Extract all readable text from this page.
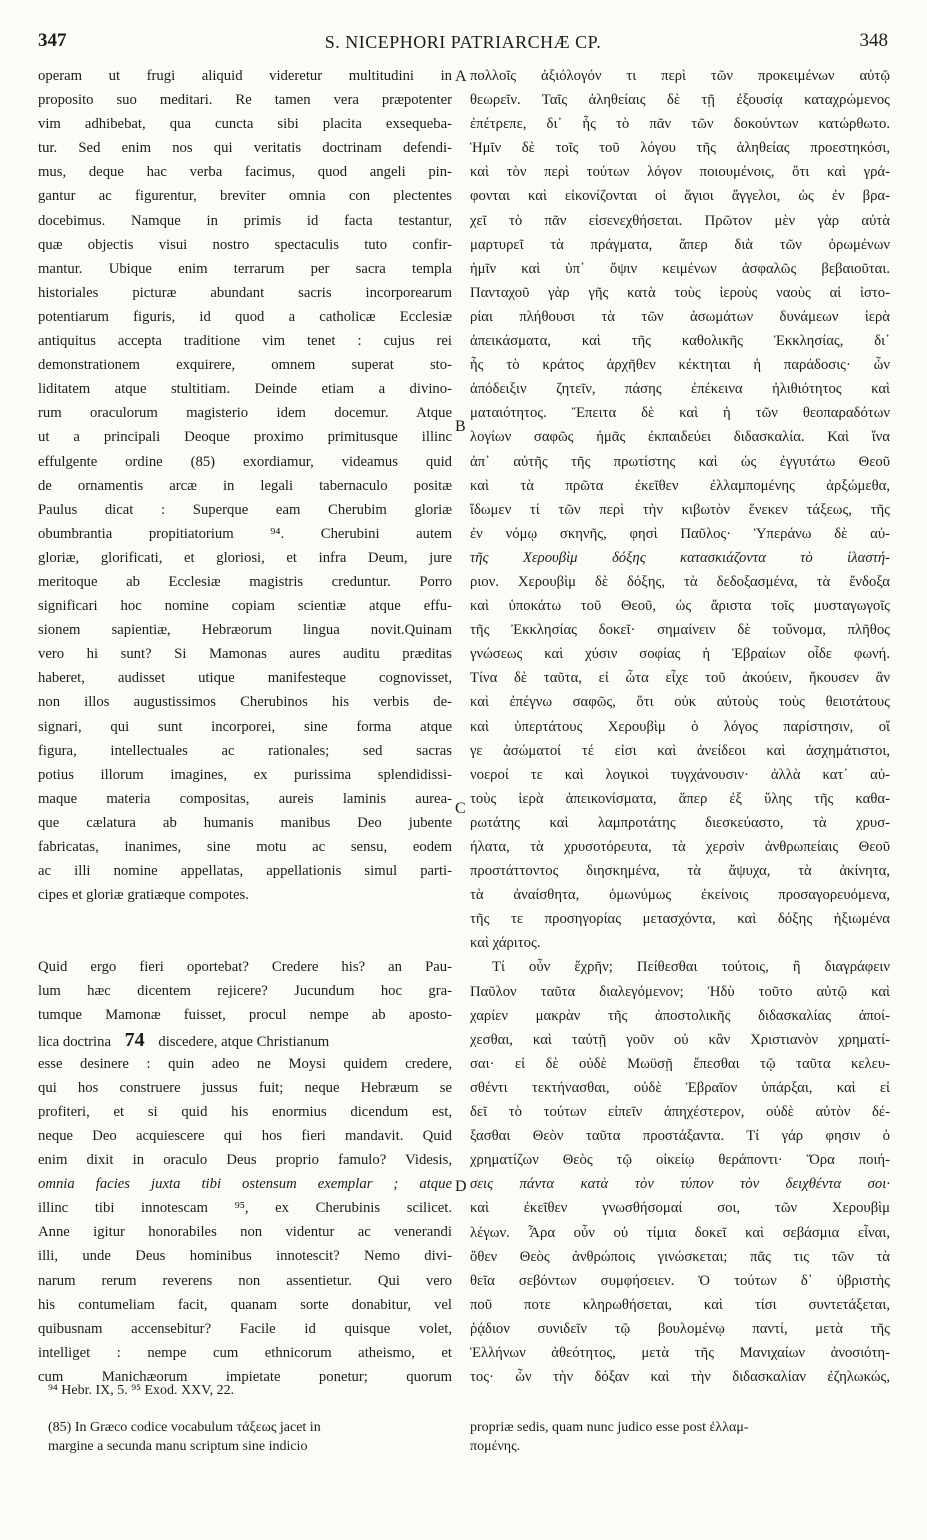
347	S. NICEPHORI PATRIARCHÆ CP.	348
A
B
C
D
operam ut frugi aliquid videretur multitudini in
proposito suo meditari. Re tamen vera præpotenter
vim adhibebat, qua cuncta sibi placita exsequeba-
tur. Sed enim nos qui veritatis doctrinam defendi-
mus, deque hac verba facimus, quod angeli pin-
gantur ac figurentur, breviter omnia con plectentes
docebimus. Namque in primis id facta testantur,
quæ objectis visui nostro spectaculis tuto confir-
mantur. Ubique enim terrarum per sacra templa
historiales picturæ abundant sacris incorporearum
potentiarum figuris, id quod a catholicæ Ecclesiæ
antiquitus accepta traditione vim tenet : cujus rei
demonstrationem exquirere, omnem superat sto-
liditatem atque stultitiam. Deinde etiam a divino-
rum oraculorum magisterio idem docemur. Atque
ut a principali Deoque proximo primitusque illinc
effulgente ordine (85) exordiamur, videamus quid
de ornamentis arcæ in legali tabernaculo positæ
Paulus dicat : Superque eam Cherubim gloriæ
obumbrantia propitiatorium ⁹⁴. Cherubini autem
gloriæ, glorificati, et gloriosi, et infra Deum, jure
meritoque ab Ecclesiæ magistris creduntur. Porro
significari hoc nomine copiam scientiæ atque effu-
sionem sapientiæ, Hebræorum lingua novit.Quinam
vero hi sunt? Si Mamonas aures auditu præditas
haberet, audisset utique manifesteque cognovisset,
non illos augustissimos Cherubinos his verbis de-
signari, qui sunt incorporei, sine forma atque
figura, intellectuales ac rationales; sed sacras
potius illorum imagines, ex purissima splendidissi-
maque materia compositas, aureis laminis aurea-
que cælatura ab humanis manibus Deo jubente
fabricatas, inanimes, sine motu ac sensu, eodem
ac illi nomine appellatas, appellationis simul parti-
cipes et gloriæ gratiæque compotes.
Quid ergo fieri oportebat? Credere his? an Pau-
lum hæc dicentem rejicere? Jucundum hoc gra-
tumque Mamonæ fuisset, procul nempe ab aposto-
lica doctrina 74 discedere, atque Christianum
esse desinere : quin adeo ne Moysi quidem credere,
qui hos construere jussus fuit; neque Hebræum se
profiteri, et si quid his enormius dicendum est,
neque Deo acquiescere qui hos fieri mandavit. Quid
enim dixit in oraculo Deus proprio famulo? Videsis,
omnia facies juxta tibi ostensum exemplar ; atque
illinc tibi innotescam ⁹⁵, ex Cherubinis scilicet.
Anne igitur honorabiles non videntur ac venerandi
illi, unde Deus hominibus innotescit? Nemo divi-
narum rerum reverens non assentietur. Qui vero
his contumeliam facit, quanam sorte donabitur, vel
quibusnam accensebitur? Facile id quisque volet,
intelliget : nempe cum ethnicorum atheismo, et
cum Manichæorum impietate ponetur; quorum
πολλοῖς ἀξιόλογόν τι περὶ τῶν προκειμένων αὐτῷ
θεωρεῖν. Ταῖς ἀληθείαις δὲ τῇ ἐξουσίᾳ καταχρώμενος
ἐπέτρεπε, δι᾽ ἧς τὸ πᾶν τῶν δοκούντων κατώρθωτο.
Ἡμῖν δὲ τοῖς τοῦ λόγου τῆς ἀληθείας προεστηκόσι,
καὶ τὸν περὶ τούτων λόγον ποιουμένοις, ὅτι καὶ γρά-
φονται καὶ εἰκονίζονται οἱ ἅγιοι ἄγγελοι, ὡς ἐν βρα-
χεῖ τὸ πᾶν εἰσενεχθήσεται. Πρῶτον μὲν γὰρ αὐτὰ
μαρτυρεῖ τὰ πράγματα, ἅπερ διὰ τῶν ὁρωμένων
ἡμῖν καὶ ὑπ᾽ ὄψιν κειμένων ἀσφαλῶς βεβαιοῦται.
Πανταχοῦ γὰρ γῆς κατὰ τοὺς ἱεροὺς ναοὺς αἱ ἱστο-
ρίαι πλήθουσι τὰ τῶν ἀσωμάτων δυνάμεων ἱερὰ
ἀπεικάσματα, καὶ τῆς καθολικῆς Ἐκκλησίας, δι᾽
ἧς τὸ κράτος ἀρχῆθεν κέκτηται ἡ παράδοσις· ὧν
ἀπόδειξιν ζητεῖν, πάσης ἐπέκεινα ἠλιθιότητος καὶ
ματαιότητος. Ἔπειτα δὲ καὶ ἡ τῶν θεοπαραδότων
λογίων σαφῶς ἡμᾶς ἐκπαιδεύει διδασκαλία. Καὶ ἵνα
ἀπ᾽ αὐτῆς τῆς πρωτίστης καὶ ὡς ἐγγυτάτω Θεοῦ
καὶ τὰ πρῶτα ἐκεῖθεν ἐλλαμπομένης ἀρξώμεθα,
ἴδωμεν τί τῶν περὶ τὴν κιβωτὸν ἕνεκεν τάξεως, τῆς
ἐν νόμῳ σκηνῆς, φησὶ Παῦλος· Ὑπεράνω δὲ αὐ-
τῆς Χερουβὶμ δόξης κατασκιάζοντα τὸ ἱλαστή-
ριον. Χερουβὶμ δὲ δόξης, τὰ δεδοξασμένα, τὰ ἔνδοξα
καὶ ὑποκάτω τοῦ Θεοῦ, ὡς ἄριστα τοῖς μυσταγωγοῖς
τῆς Ἐκκλησίας δοκεῖ· σημαίνειν δὲ τοὔνομα, πλῆθος
γνώσεως καὶ χύσιν σοφίας ἡ Ἑβραίων οἶδε φωνή.
Τίνα δὲ ταῦτα, εἰ ὦτα εἶχε τοῦ ἀκούειν, ἤκουσεν ἂν
καὶ ἐπέγνω σαφῶς, ὅτι οὐκ αὐτοὺς τοὺς θειοτάτους
καὶ ὑπερτάτους Χερουβὶμ ὁ λόγος παρίστησιν, οἵ
γε ἀσώματοί τέ εἰσι καὶ ἀνείδεοι καὶ ἀσχημάτιστοι,
νοεροί τε καὶ λογικοὶ τυγχάνουσιν· ἀλλὰ κατ᾽ αὐ-
τοὺς ἱερὰ ἀπεικονίσματα, ἅπερ ἐξ ὕλης τῆς καθα-
ρωτάτης καὶ λαμπροτάτης διεσκεύαστο, τὰ χρυσ-
ήλατα, τὰ χρυσοτόρευτα, τὰ χερσὶν ἀνθρωπείαις Θεοῦ
προστάττοντος διησκημένα, τὰ ἄψυχα, τὰ ἀκίνητα,
τὰ ἀναίσθητα, ὁμωνύμως ἐκείνοις προσαγορευόμενα,
τῆς τε προσηγορίας μετασχόντα, καὶ δόξης ἠξιωμένα
καὶ χάριτος.
Τί οὖν ἔχρῆν; Πείθεσθαι τούτοις, ἢ διαγράφειν
Παῦλον ταῦτα διαλεγόμενον; Ἡδὺ τοῦτο αὐτῷ καὶ
χαρίεν μακρὰν τῆς ἀποστολικῆς διδασκαλίας ἀποί-
χεσθαι, καὶ ταὐτῇ γοῦν οὐ κἂν Χριστιανὸν χρηματί-
σαι· εἰ δὲ οὐδὲ Μωϋσῇ ἔπεσθαι τῷ ταῦτα κελευ-
σθέντι τεκτήνασθαι, οὐδὲ Ἑβραῖον ὑπάρξαι, καὶ εἰ
δεῖ τὸ τούτων εἰπεῖν ἀπηχέστερον, οὐδὲ αὐτὸν δέ-
ξασθαι Θεὸν ταῦτα προστάξαντα. Τί γάρ φησιν ὁ
χρηματίζων Θεὸς τῷ οἰκείῳ θεράποντι· Ὅρα ποιή-
σεις πάντα κατὰ τὸν τύπον τὸν δειχθέντα σοι·
καὶ ἐκεῖθεν γνωσθήσομαί σοι, τῶν Χερουβὶμ
λέγων. Ἆρα οὖν οὐ τίμια δοκεῖ καὶ σεβάσμια εἶναι,
ὅθεν Θεὸς ἀνθρώποις γινώσκεται; πᾶς τις τῶν τὰ
θεῖα σεβόντων συμφήσειεν. Ὁ τούτων δ᾽ ὑβριστὴς
ποῦ ποτε κληρωθήσεται, καὶ τίσι συντετάξεται,
ῥᾴδιον συνιδεῖν τῷ βουλομένῳ παντί, μετὰ τῆς
Ἑλλήνων ἀθεότητος, μετὰ τῆς Μανιχαίων ἀνοσιότη-
τος· ὧν τὴν δόξαν καὶ τὴν διδασκαλίαν ἐζηλωκώς,
⁹⁴ Hebr. IX, 5. ⁹⁵ Exod. XXV, 22.
(85) In Græco codice vocabulum τάξεως jacet in
margine a secunda manu scriptum sine indicio
propriæ sedis, quam nunc judico esse post ἐλλαμ-
πομένης.
